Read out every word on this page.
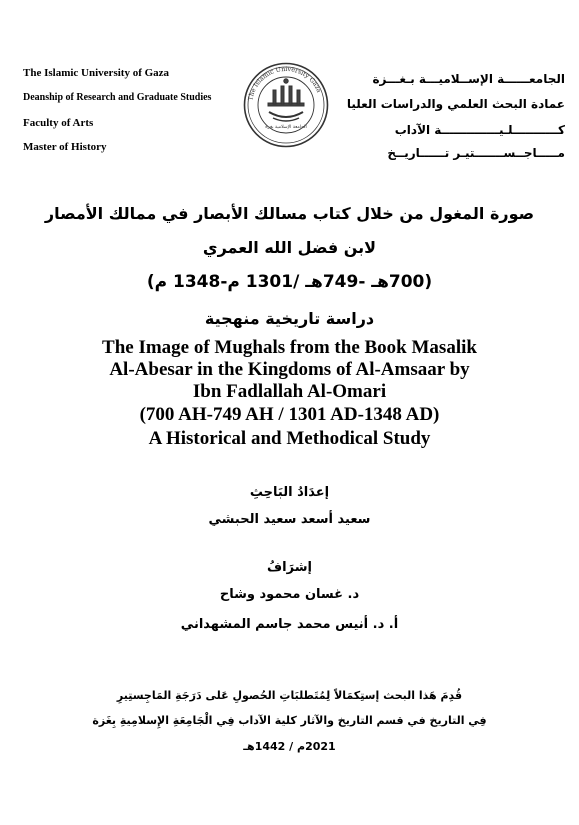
The Islamic University of Gaza
Deanship of Research and Graduate Studies
Faculty of Arts
Master of History
The Islamic University Gaza
الجامعة الإسلامية بغزة
الجامعــــــة الإســلاميـــة بـغـــزة
عمادة البحث العلمي والدراسات العليا
كـــــــــــلـيــــــــــــــة الآداب
مـــــاجــســـــــتيـر تــــــاريــخ
صورة المغول من خلال كتاب مسالك الأبصار في ممالك الأمصار
لابن فضل الله العمري
(700هـ -749هـ /1301 م-1348 م)
دراسة تاريخية منهجية
The Image of Mughals from the Book Masalik
Al-Abesar in the Kingdoms of Al-Amsaar by
Ibn Fadlallah Al-Omari
(700 AH-749 AH / 1301 AD-1348 AD)
A Historical and Methodical Study
إعدَادُ البَاحِثِ
سعيد أسعد سعيد الحبشي
إشرَافُ
د. غسان محمود وشاح
أ. د. أنيس محمد جاسم المشهداني
قُدِمَ هَذا البحث إستِكمَالاً لِمُتَطلبَاتِ الحُصولِ عَلى دَرَجَةِ المَاجِستِيرِ
فِي التاريخ في قسم التاريخ والآثار كلية الآداب فِي الْجَامِعَةِ الإِسلامِيةِ بِغَزة
2021م / 1442هـ
